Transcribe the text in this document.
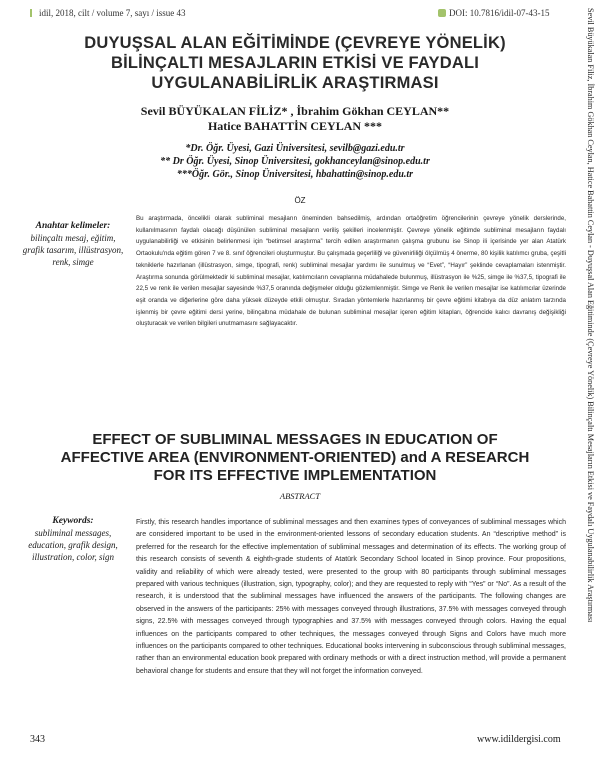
idil, 2018, cilt / volume 7, sayı / issue 43	DOI: 10.7816/idil-07-43-15	Sevil Büyükalan Filiz, İbrahim Gökhan Ceylan, Hatice Bahattin Ceylan - Duyuşsal Alan Eğitiminde (Çevreye Yönelik) Bilinçaltı Mesajların Etkisi ve Faydalı Uygulanabilirlik Araştırması
DUYUŞSAL ALAN EĞİTİMİNDE (ÇEVREYE YÖNELİK) BİLİNÇALTI MESAJLARIN ETKİSİ VE FAYDALI UYGULANABİLİRLİK ARAŞTIRMASI
Sevil BÜYÜKALAN FİLİZ* , İbrahim Gökhan CEYLAN**
Hatice BAHATTİN CEYLAN ***
*Dr. Öğr. Üyesi, Gazi Üniversitesi, sevilb@gazi.edu.tr
** Dr Öğr. Üyesi, Sinop Üniversitesi, gokhanceylan@sinop.edu.tr
***Öğr. Gör., Sinop Üniversitesi, hbahattin@sinop.edu.tr
ÖZ
Anahtar kelimeler:
bilinçaltı mesaj, eğitim, grafik tasarım, illüstrasyon, renk, simge
Bu araştırmada, öncelikli olarak subliminal mesajların öneminden bahsedilmiş, ardından ortaöğretim öğrencilerinin çevreye yönelik derslerinde, kullanılmasının faydalı olacağı düşünülen subliminal mesajların veriliş şekilleri incelenmiştir. Çevreye yönelik eğitimde subliminal mesajların faydalı uygulanabilirliği ve etkisinin belirlenmesi için “betimsel araştırma” tercih edilen araştırmanın çalışma grubunu ise Sinop ili içerisinde yer alan Atatürk Ortaokulu'nda eğitim gören 7 ve 8. sınıf öğrencileri oluşturmuştur. Bu çalışmada geçerliliği ve güvenirliliği ölçülmüş 4 önerme, 80 kişilik katılımcı gruba, çeşitli tekniklerle hazırlanan (illüstrasyon, simge, tipografi, renk) subliminal mesajlar yardımı ile sunulmuş ve “Evet”, “Hayır” şeklinde cevaplamaları istenmiştir. Araştırma sonunda görülmektedir ki subliminal mesajlar, katılımcıların cevaplarına müdahalede bulunmuş, illüstrasyon ile %25, simge ile %37,5, tipografi ile 22,5 ve renk ile verilen mesajlar sayesinde %37,5 oranında değişmeler olduğu gözlemlenmiştir. Simge ve Renk ile verilen mesajlar ise katılımcılar üzerinde eşit oranda ve diğerlerine göre daha yüksek düzeyde etkili olmuştur. Sıradan yöntemlerle hazırlanmış bir çevre eğitimi kitabıya da düz anlatım tarzında işlenmiş bir çevre eğitimi dersi yerine, bilinçaltına müdahale de bulunan subliminal mesajlar içeren eğitim kitapları, öğrencide kalıcı davranış değişikliği oluşturacak ve verilen bilgileri unutmamasını sağlayacaktır.
EFFECT OF SUBLIMINAL MESSAGES IN EDUCATION OF AFFECTIVE AREA (ENVIRONMENT-ORIENTED) and A RESEARCH FOR ITS EFFECTIVE IMPLEMENTATION
ABSTRACT
Keywords:
subliminal messages, education, grafik design, illustration, color, sign
Firstly, this research handles importance of subliminal messages and then examines types of conveyances of subliminal messages which are considered important to be used in the environment-oriented lessons of secondary education students. An “descriptive method” is preferred for the research for the effective implementation of subliminal messages and determination of its effects. The working group of this research consists of seventh & eighth-grade students of Atatürk Secondary School located in Sinop province. Four propositions, validity and reliability of which were already tested, were presented to the group with 80 participants through subliminal messages prepared with various techniques (illustration, sign, typography, color); and they are requested to reply with “Yes” or “No”. As a result of the research, it is understood that the subliminal messages have influenced the answers of the participants. The following changes are observed in the answers of the participants: 25% with messages conveyed through illustrations, 37.5% with messages conveyed through signs, 22.5% with messages conveyed through typographies and 37.5% with messages conveyed through colors. Having the equal influences on the participants compared to other techniques, the messages conveyed through Signs and Colors have much more influences on the participants compared to other techniques. Educational books intervening in subconscious through subliminal messages, rather than an environmental education book prepared with ordinary methods or with a direct instruction method, will provide a permanent behavioral change for students and ensure that they will not forget the information conveyed.
343	www.idildergisi.com
